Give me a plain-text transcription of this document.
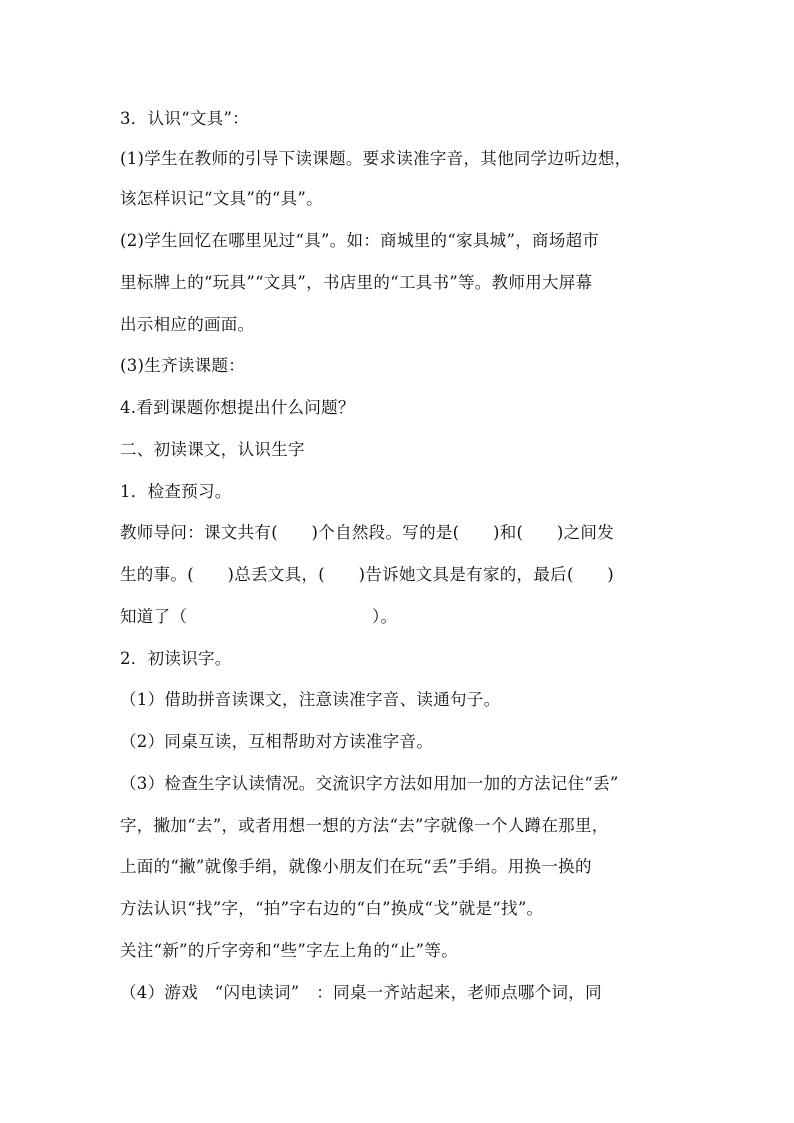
3．认识“文具”：
(1)学生在教师的引导下读课题。要求读准字音，其他同学边听边想，
该怎样识记“文具”的“具”。
(2)学生回忆在哪里见过“具”。如：商城里的“家具城”，商场超市
里标牌上的“玩具”“文具”，书店里的“工具书”等。教师用大屏幕
出示相应的画面。
(3)生齐读课题：
4.看到课题你想提出什么问题？
二、初读课文，认识生字
1．检查预习。
教师导问：课文共有(　　)个自然段。写的是(　　)和(　　)之间发
生的事。(　　)总丢文具，(　　)告诉她文具是有家的，最后(　　)
知道了（　　　　　　　　　　　）。
2．初读识字。
（1）借助拼音读课文，注意读准字音、读通句子。
（2）同桌互读，互相帮助对方读准字音。
（3）检查生字认读情况。交流识字方法如用加一加的方法记住“丢”
字，撇加“去”，或者用想一想的方法“去”字就像一个人蹲在那里，
上面的“撇”就像手绢，就像小朋友们在玩“丢”手绢。用换一换的
方法认识“找”字，“拍”字右边的“白”换成“戈”就是“找”。
关注“新”的斤字旁和“些”字左上角的“止”等。
（4）游戏　“闪电读词”　：同桌一齐站起来，老师点哪个词，同
